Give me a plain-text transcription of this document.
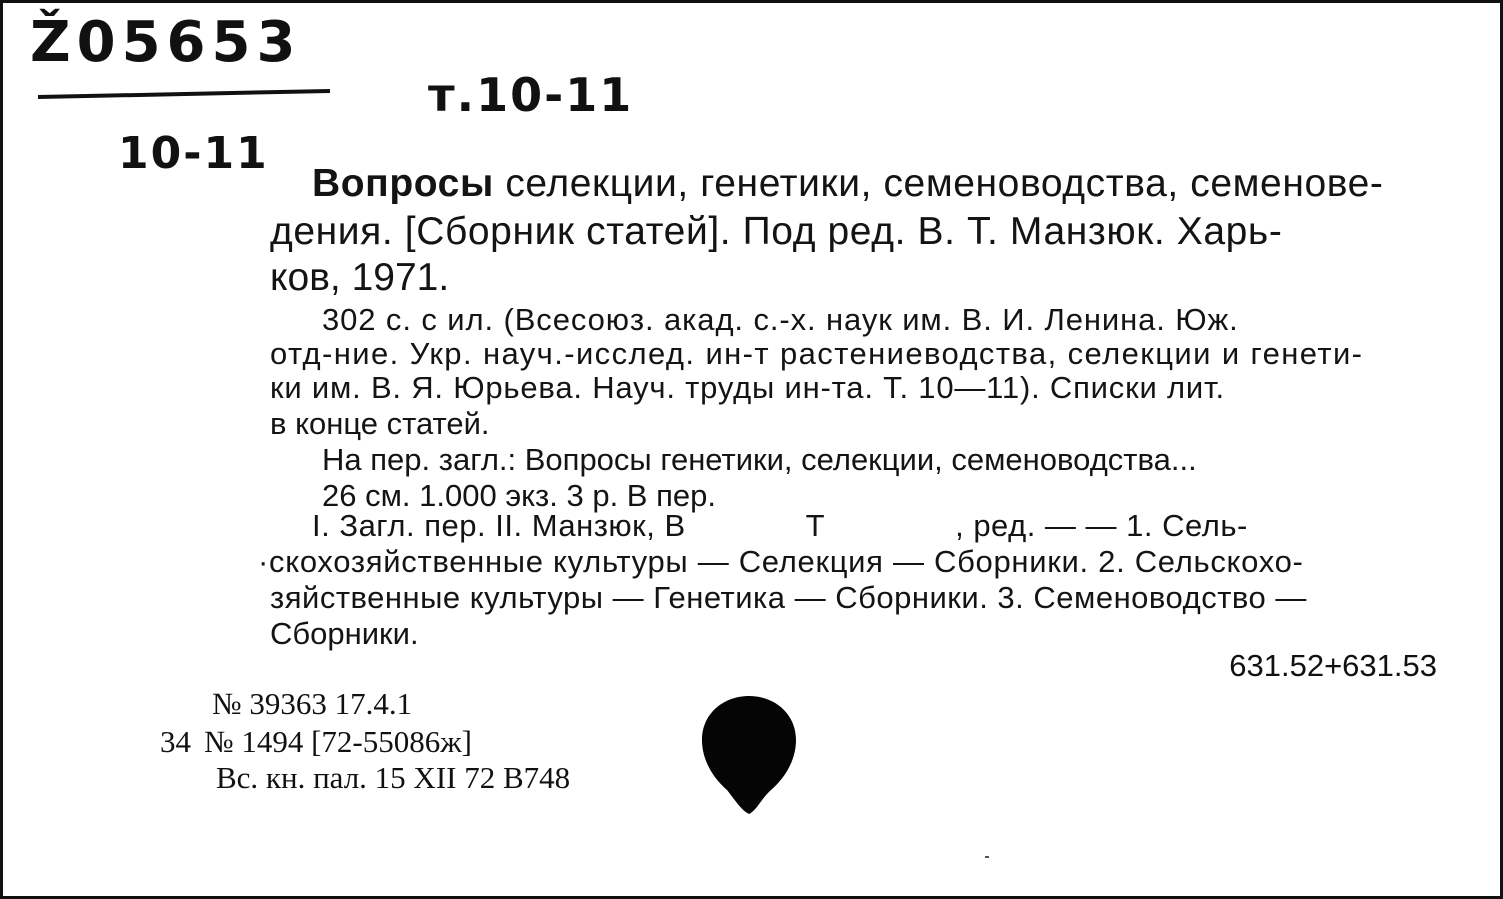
Ž05653
т.10-11
10-11
Вопросы селекции, генетики, семеноводства, семенове-
дения. [Сборник статей]. Под ред. В. Т. Манзюк. Харь-
ков, 1971.
302 с. с ил. (Всесоюз. акад. с.-х. наук им. В. И. Ленина. Юж.
отд-ние. Укр. науч.-исслед. ин-т растениеводства, селекции и генети-
ки им. В. Я. Юрьева. Науч. труды ин-та. Т. 10—11). Списки лит.
в конце статей.
На пер. загл.: Вопросы генетики, селекции, семеноводства...
26 см. 1.000 экз. 3 р. В пер.
I. Загл. пер. II. Манзюк, В	Т	, ред. — — 1. Сель-
·скохозяйственные культуры — Селекция — Сборники. 2. Сельскохо-
зяйственные культуры — Генетика — Сборники. 3. Семеноводство —
Сборники.
631.52+631.53
№ 39363 17.4.1
34 № 1494 [72-55086ж]
Вс. кн. пал. 15 XII 72 В748
